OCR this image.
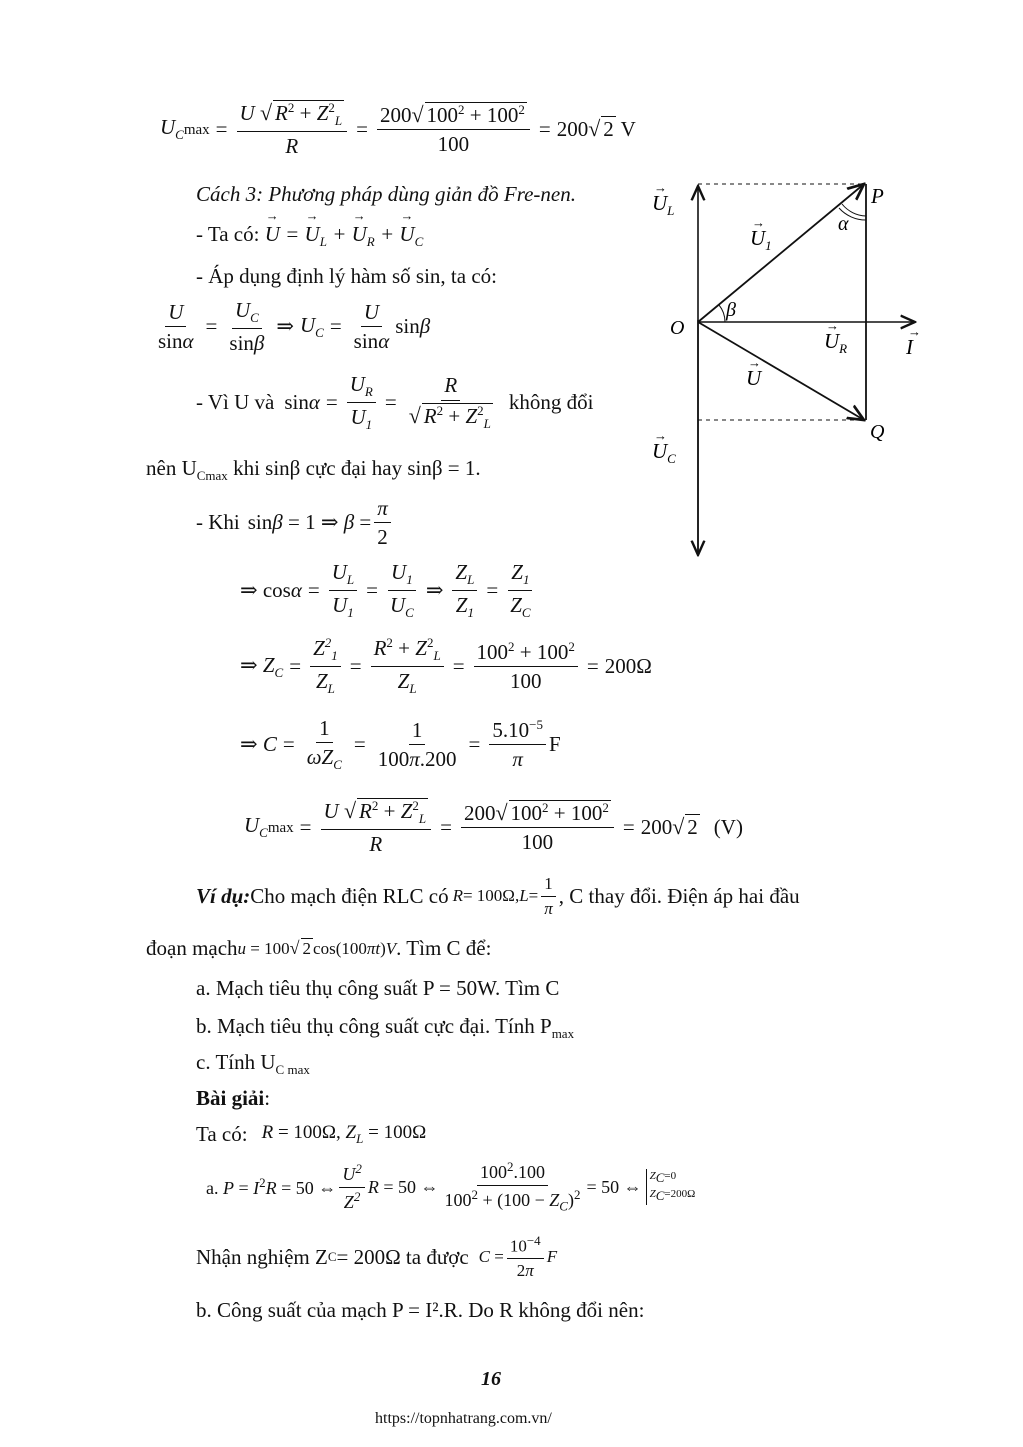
$U_C\max = \frac{U √ R^2 + Z^2_L}{R} = \frac{200√ 100^2 + 100^2}{100} = 200√$ 2 V
Cách 3: Phương pháp dùng giản đồ Fre-nen.
- Ta có: → U = → $U_L$ + → $U_R$ + → $U_C$
- Áp dụng định lý hàm số sin, ta có:
$\frac{U}{\sin\alpha} = \frac{U_C}{\sin\beta}$ ⇒ $U_C = \frac{U}{\sin\alpha}$ sinβ
- Vì U và $\sin\alpha = \frac{U_R}{U_1} = \frac{R}{√ R^2 + Z^2_L}$ không đổi
nên $U_{Cmax}$ khi sinβ cực đại hay sinβ = 1.
- Khi sinβ = 1 ⇒ $\beta = \frac{\pi}{2}$
⇒ $\cos\alpha = \frac{U_L}{U_1} = \frac{U_1}{U_C}$ ⇒ $\frac{Z_L}{Z_1} = \frac{Z_1}{Z_C}$
⇒ $Z_C = \frac{Z^2_1}{Z_L} = \frac{R^2 + Z^2_L}{Z_L} = \frac{100^2 + 100^2}{100} = 200\Omega$
⇒ $C = \frac{1}{\omega Z_C} = \frac{1}{100\pi.200} = \frac{5.10^{-5}}{\pi}$ F
$U_C\max = \frac{U √ R^2 + Z^2_L}{R} = \frac{200√ 100^2 + 100^2}{100} = 200√$ 2 (V)
Ví dụ: Cho mạch điện RLC có R = 100Ω, $L = \frac{1}{\pi}$ , C thay đổi. Điện áp hai đầu
đoạn mạch u = 100√ 2 cos(100πt)V . Tìm C để:
a. Mạch tiêu thụ công suất P = 50W. Tìm C
b. Mạch tiêu thụ công suất cực đại. Tính $P_{max}$
c. Tính $U_{C max}$
Bài giải:
Ta có: R = 100Ω, $Z_L = 100\Omega$
a. $P = I^2R = 50$ ⇔ $\frac{U^2}{Z^2}$ R = 50 ⇔ $\frac{100^2.100}{100^2 + (100 - Z_C)^2} = 50$ ⇔
$Z_C=0$
$Z_C=200\Omega$
Nhận nghiệm Z C = 200Ω ta được $C = \frac{10^{-4}}{2\pi}$ F
b. Công suất của mạch P = I².R. Do R không đổi nên:
$U_L$
→
$U_1$
→
P
α
β
O
$U_R$
→
I
→
U
→
Q
$U_C$
→
16
https://topnhatrang.com.vn/
